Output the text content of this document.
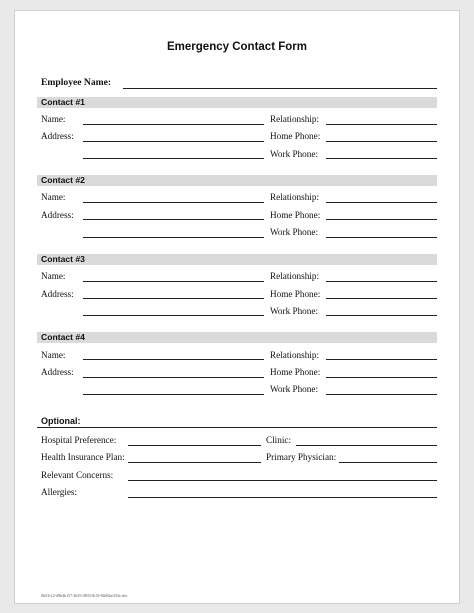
Emergency Contact Form
Employee Name:
Contact #1
Name:	Relationship:
Address:	Home Phone:
Work Phone:
Contact #2
Name:	Relationship:
Address:	Home Phone:
Work Phone:
Contact #3
Name:	Relationship:
Address:	Home Phone:
Work Phone:
Contact #4
Name:	Relationship:
Address:	Home Phone:
Work Phone:
Optional:
Hospital Preference:	Clinic:
Health Insurance Plan:	Primary Physician:
Relevant Concerns:
Allergies:
0b53c12-d9b4b157-4b19-4833-8c5f-84b82af2f3e.doc
